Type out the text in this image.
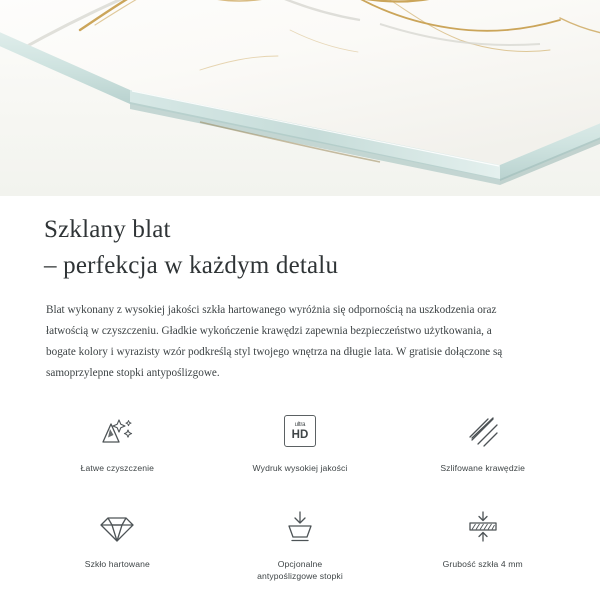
Szklany blat
– perfekcja w każdym detalu

Blat wykonany z wysokiej jakości szkła hartowanego wyróżnia się odpornością na uszkodzenia oraz łatwością w czyszczeniu. Gładkie wykończenie krawędzi zapewnia bezpieczeństwo użytkowania, a bogate kolory i wyrazisty wzór podkreślą styl twojego wnętrza na długie lata. W gratisie dołączone są samoprzylepne stopki antypoślizgowe.

Łatwe czyszczenie
ultra
HD
Wydruk wysokiej jakości	Szlifowane krawędzie
Szkło hartowane	Opcjonalne
antypoślizgowe stopki
Grubość szkła 4 mm
